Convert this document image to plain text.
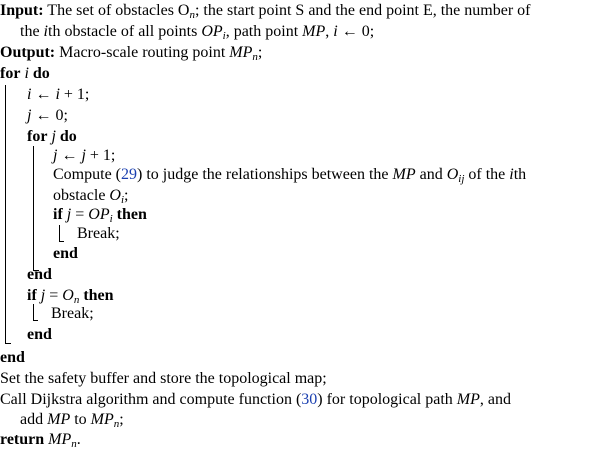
Input: The set of obstacles $O_n$; the start point S and the end point E, the number of
the ith obstacle of all points $OP_i$, path point MP, i ← 0;
Output: Macro-scale routing point $MP_n$;
for i do
i ← i + 1;
j ← 0;
for j do
j ← j + 1;
Compute (29) to judge the relationships between the MP and $O_{ij}$ of the ith
obstacle $O_i$;
if $j = OP_i$ then
Break;
end
end
if $j = O_n$ then
Break;
end
end
Set the safety buffer and store the topological map;
Call Dijkstra algorithm and compute function (30) for topological path MP, and
add MP to $MP_n$;
return $MP_n$.
